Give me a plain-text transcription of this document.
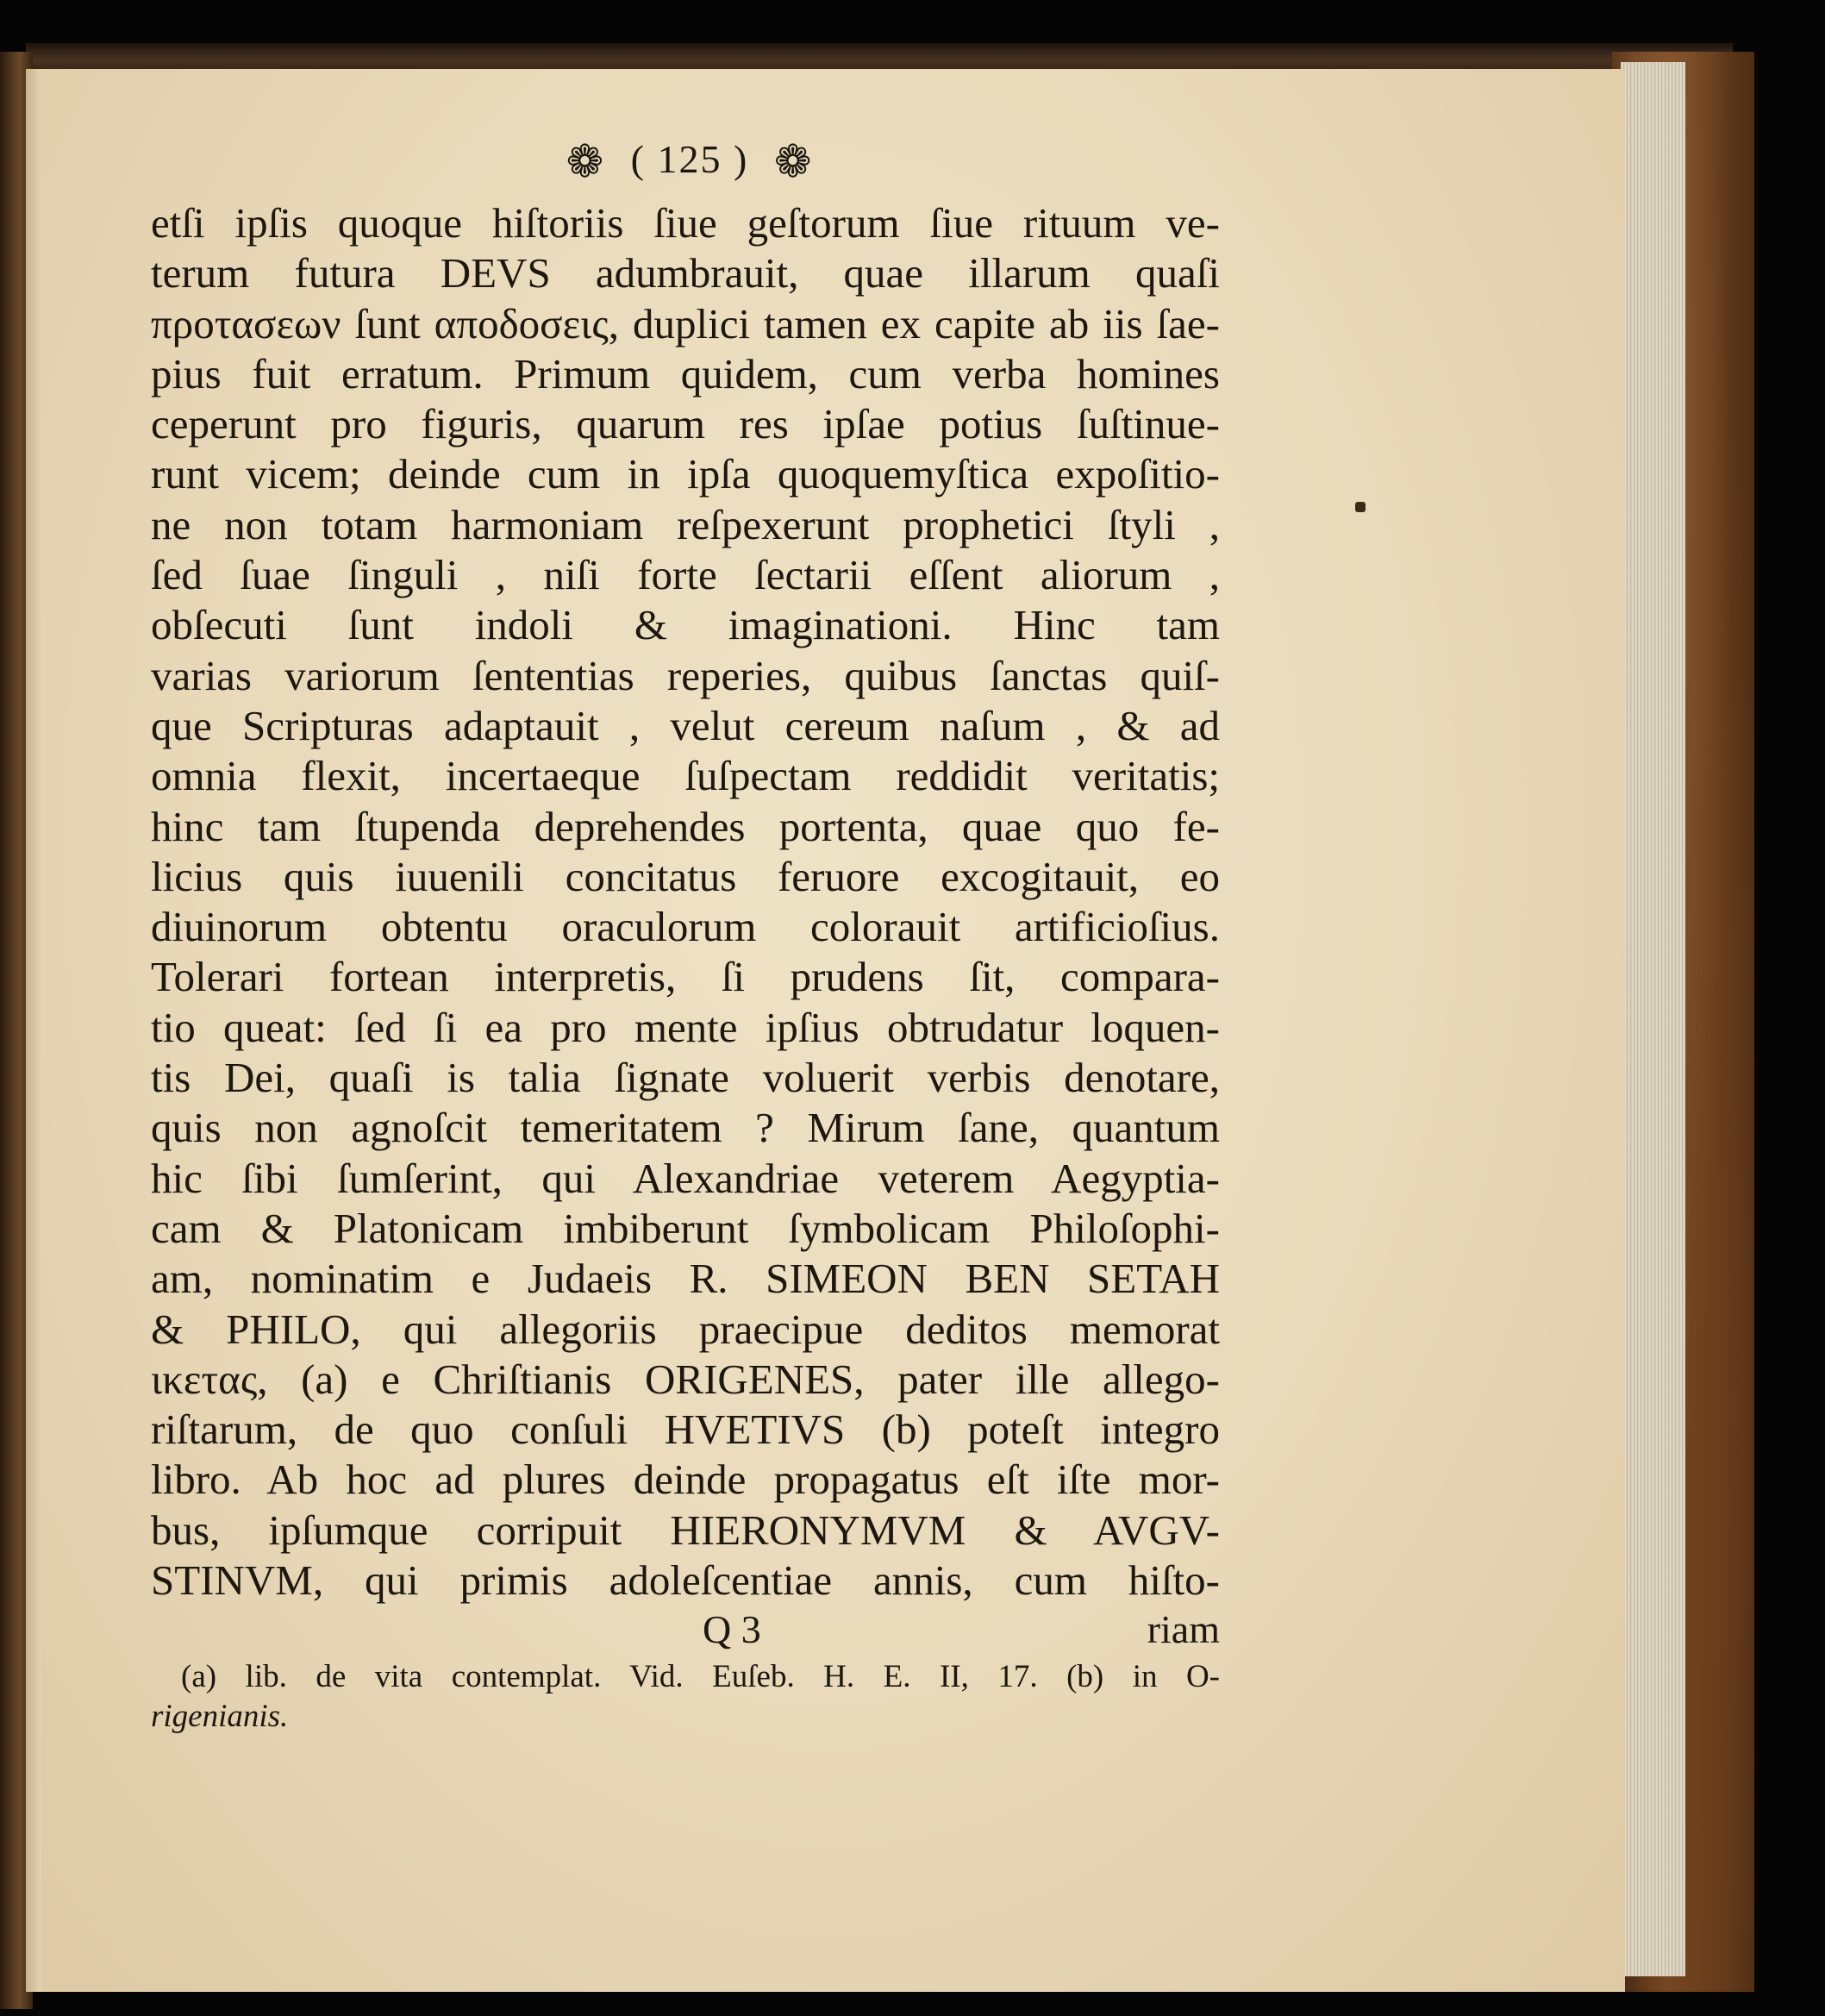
❁ ( 125 ) ❁
etſi ipſis quoque hiſtoriis ſiue geſtorum ſiue rituum ve-
terum futura DEVS adumbrauit, quae illarum quaſi
προτασεων ſunt αποδοσεις, duplici tamen ex capite ab iis ſae-
pius fuit erratum. Primum quidem, cum verba homines
ceperunt pro figuris, quarum res ipſae potius ſuſtinue-
runt vicem; deinde cum in ipſa quoquemyſtica expoſitio-
ne non totam harmoniam reſpexerunt prophetici ſtyli ,
ſed ſuae ſinguli , niſi forte ſectarii eſſent aliorum ,
obſecuti ſunt indoli & imaginationi. Hinc tam
varias variorum ſententias reperies, quibus ſanctas quiſ-
que Scripturas adaptauit , velut cereum naſum , & ad
omnia flexit, incertaeque ſuſpectam reddidit veritatis;
hinc tam ſtupenda deprehendes portenta, quae quo fe-
licius quis iuuenili concitatus feruore excogitauit, eo
diuinorum obtentu oraculorum colorauit artificioſius.
Tolerari fortean interpretis, ſi prudens ſit, compara-
tio queat: ſed ſi ea pro mente ipſius obtrudatur loquen-
tis Dei, quaſi is talia ſignate voluerit verbis denotare,
quis non agnoſcit temeritatem ? Mirum ſane, quantum
hic ſibi ſumſerint, qui Alexandriae veterem Aegyptia-
cam & Platonicam imbiberunt ſymbolicam Philoſophi-
am, nominatim e Judaeis R. SIMEON BEN SETAH
& PHILO, qui allegoriis praecipue deditos memorat
ικετας, (a) e Chriſtianis ORIGENES, pater ille allego-
riſtarum, de quo conſuli HVETIVS (b) poteſt integro
libro. Ab hoc ad plures deinde propagatus eſt iſte mor-
bus, ipſumque corripuit HIERONYMVM & AVGV-
STINVM, qui primis adoleſcentiae annis, cum hiſto-
Q 3	riam
(a) lib. de vita contemplat. Vid. Euſeb. H. E. II, 17. (b) in O-
rigenianis.
